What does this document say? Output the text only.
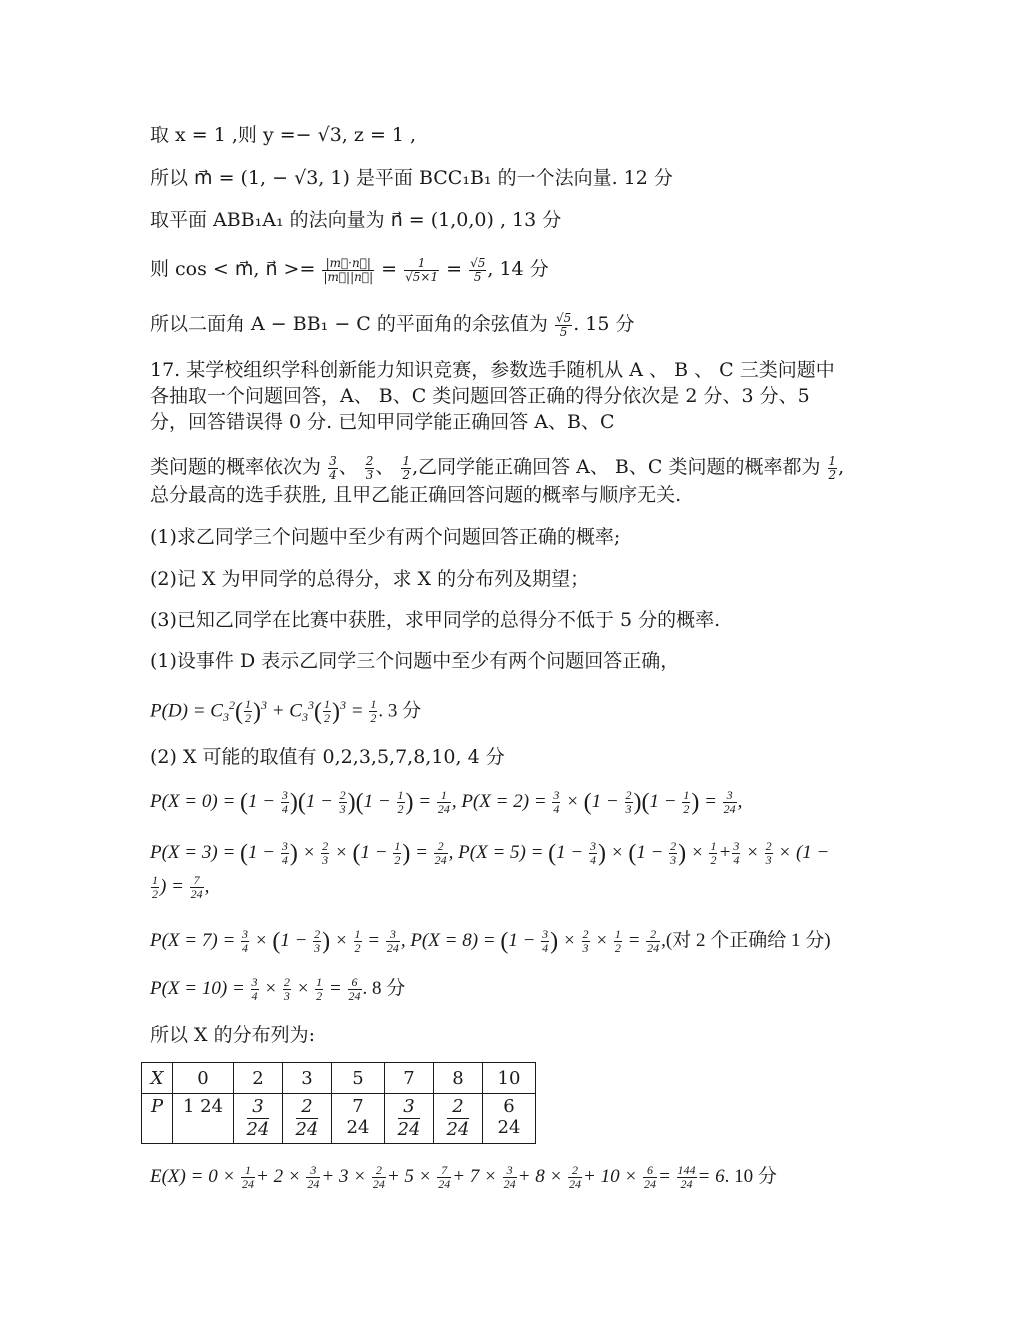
取 x = 1 ,则 y =− √3, z = 1 ,
所以 m⃗ = (1, − √3, 1) 是平面 BCC₁B₁ 的一个法向量. 12 分
取平面 ABB₁A₁ 的法向量为 n⃗ = (1,0,0) , 13 分
则 cos < m⃗, n⃗ >= $\frac{|m⃗\cdot n⃗|}{|m⃗||n⃗|} = \frac{1}{√5\times 1} = \frac{√5}{5}$ , 14 分
所以二面角 A − BB₁ − C 的平面角的余弦值为 $\frac{√5}{5}$ . 15 分
17. 某学校组织学科创新能力知识竞赛，参数选手随机从 A 、 B 、 C 三类问题中
各抽取一个问题回答，A、 B、C 类问题回答正确的得分依次是 2 分、3 分、5
分，回答错误得 0 分. 已知甲同学能正确回答 A、B、C
类问题的概率依次为 $\frac{3}{4}$ 、 $\frac{2}{3}$ 、 $\frac{1}{2}$ ,乙同学能正确回答 A、 B、C 类问题的概率都为 $\frac{1}{2}$ ,
总分最高的选手获胜, 且甲乙能正确回答问题的概率与顺序无关.
(1)求乙同学三个问题中至少有两个问题回答正确的概率;
(2)记 X 为甲同学的总得分，求 X 的分布列及期望；
(3)已知乙同学在比赛中获胜，求甲同学的总得分不低于 5 分的概率.
(1)设事件 D 表示乙同学三个问题中至少有两个问题回答正确，
$P(D) = C_3^2( \frac{1}{2} )^3 + C_3^3( \frac{1}{2} )^3 = \frac{1}{2}$ . 3 分
(2) X 可能的取值有 0,2,3,5,7,8,10, 4 分
$P(X = 0) = (1 - \frac{3}{4} )(1 - \frac{2}{3} )(1 - \frac{1}{2}$ ) = $\frac{1}{24}$ , $P(X = 2) = \frac{3}{4} \times (1 - \frac{2}{3} )(1 - \frac{1}{2}$ ) = $\frac{3}{24}$ ,
$P(X = 3) = (1 - \frac{3}{4}$ ) × $\frac{2}{3} \times (1 - \frac{1}{2}$ ) = $\frac{2}{24}$ , $P(X = 5) = (1 - \frac{3}{4}$ ) × ($1 - \frac{2}{3}$ ) × $\frac{1}{2} + \frac{3}{4} \times \frac{2}{3} \times (1$ −
$\frac{1}{2}$ ) = $\frac{7}{24}$ ,
$P(X = 7) = \frac{3}{4} \times (1 - \frac{2}{3}$ ) × $\frac{1}{2} = \frac{3}{24}$ , $P(X = 8) = (1 - \frac{3}{4}$ ) × $\frac{2}{3} \times \frac{1}{2} = \frac{2}{24}$ ,(对 2 个正确给 1 分)
$P(X = 10) = \frac{3}{4} \times \frac{2}{3} \times \frac{1}{2} = \frac{6}{24}$ . 8 分
所以 X 的分布列为:
X	0	2	3	5	7	8	10
P	1 24	$\frac{3}{24}$	$\frac{2}{24}$	7 24	$\frac{3}{24}$	$\frac{2}{24}$	6 24
$E(X) = 0 \times \frac{1}{24} + 2 \times \frac{3}{24} + 3 \times \frac{2}{24} + 5 \times \frac{7}{24} + 7 \times \frac{3}{24} + 8 \times \frac{2}{24} + 10 \times \frac{6}{24} = \frac{144}{24} = 6$. 10 分
